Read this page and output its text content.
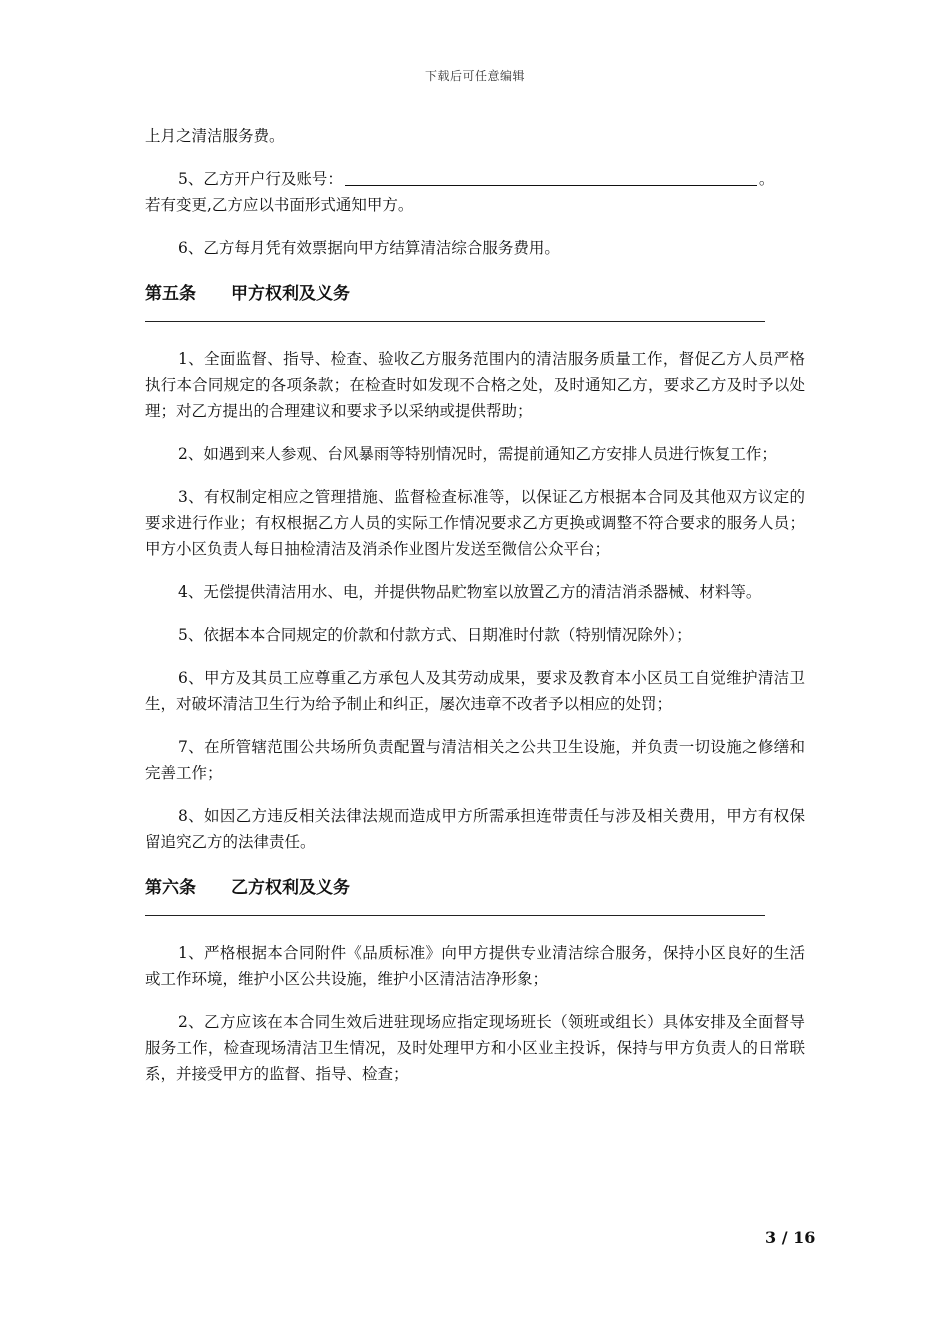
下载后可任意编辑

上月之清洁服务费。

5、乙方开户行及账号：	。

若有变更,乙方应以书面形式通知甲方。

6、乙方每月凭有效票据向甲方结算清洁综合服务费用。

第五条 甲方权利及义务

1、全面监督、指导、检查、验收乙方服务范围内的清洁服务质量工作，督促乙方人员严格执行本合同规定的各项条款；在检查时如发现不合格之处，及时通知乙方，要求乙方及时予以处理；对乙方提出的合理建议和要求予以采纳或提供帮助；

2、如遇到来人参观、台风暴雨等特别情况时，需提前通知乙方安排人员进行恢复工作；

3、有权制定相应之管理措施、监督检查标准等，以保证乙方根据本合同及其他双方议定的要求进行作业；有权根据乙方人员的实际工作情况要求乙方更换或调整不符合要求的服务人员；甲方小区负责人每日抽检清洁及消杀作业图片发送至微信公众平台；

4、无偿提供清洁用水、电，并提供物品贮物室以放置乙方的清洁消杀器械、材料等。

5、依据本本合同规定的价款和付款方式、日期准时付款（特别情况除外）；

6、甲方及其员工应尊重乙方承包人及其劳动成果，要求及教育本小区员工自觉维护清洁卫生，对破坏清洁卫生行为给予制止和纠正，屡次违章不改者予以相应的处罚；

7、在所管辖范围公共场所负责配置与清洁相关之公共卫生设施，并负责一切设施之修缮和完善工作；

8、如因乙方违反相关法律法规而造成甲方所需承担连带责任与涉及相关费用，甲方有权保留追究乙方的法律责任。

第六条 乙方权利及义务

1、严格根据本合同附件《品质标准》向甲方提供专业清洁综合服务，保持小区良好的生活或工作环境，维护小区公共设施，维护小区清洁洁净形象；

2、乙方应该在本合同生效后进驻现场应指定现场班长（领班或组长）具体安排及全面督导服务工作，检查现场清洁卫生情况，及时处理甲方和小区业主投诉，保持与甲方负责人的日常联系，并接受甲方的监督、指导、检查；

3 / 16
